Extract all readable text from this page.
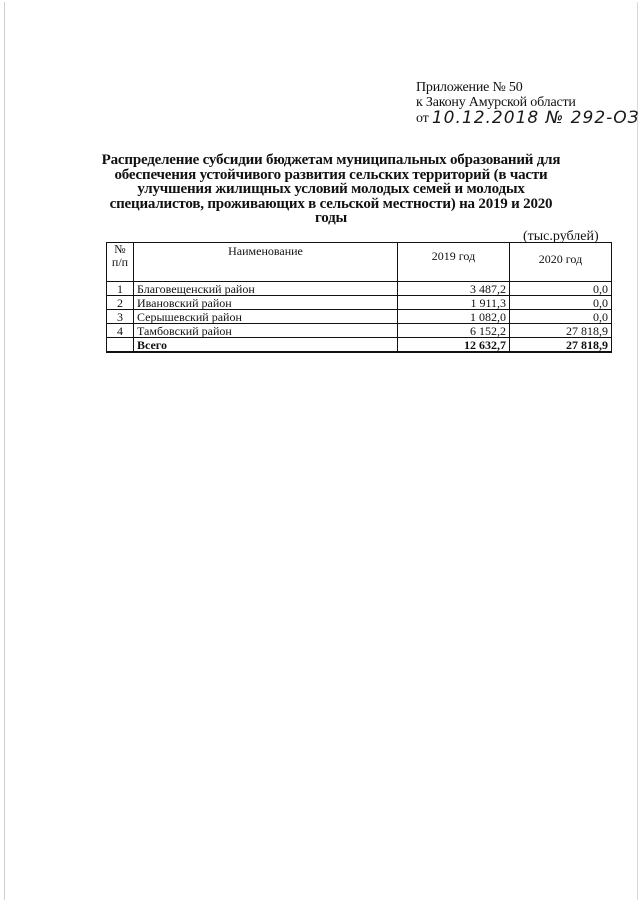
Приложение № 50
к Закону Амурской области
от 10.12.2018 № 292-ОЗ
Распределение субсидии бюджетам муниципальных образований для обеспечения устойчивого развития сельских территорий (в части улучшения жилищных условий молодых семей и молодых специалистов, проживающих в сельской местности) на 2019 и 2020 годы
(тыс.рублей)
№ п/п	Наименование	2019 год	2020 год
1	Благовещенский район	3 487,2	0,0
2	Ивановский район	1 911,3	0,0
3	Серышевский район	1 082,0	0,0
4	Тамбовский район	6 152,2	27 818,9
	Всего	12 632,7	27 818,9
